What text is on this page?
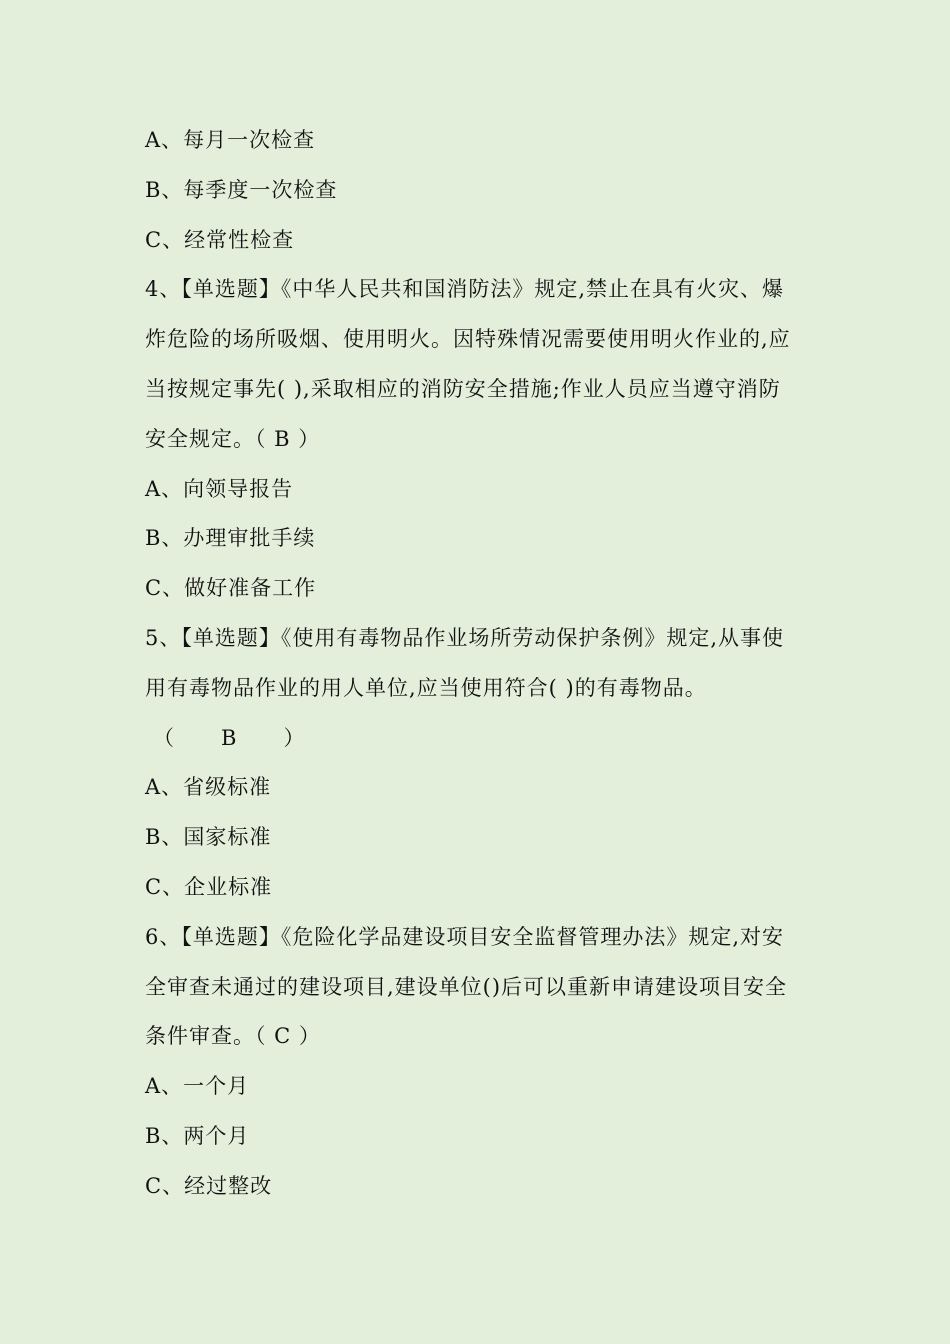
A、每月一次检查
B、每季度一次检查
C、经常性检查
4、【单选题】《中华人民共和国消防法》规定,禁止在具有火灾、爆
炸危险的场所吸烟、使用明火。因特殊情况需要使用明火作业的,应
当按规定事先( ),采取相应的消防安全措施;作业人员应当遵守消防
安全规定。（ B ）
A、向领导报告
B、办理审批手续
C、做好准备工作
5、【单选题】《使用有毒物品作业场所劳动保护条例》规定,从事使
用有毒物品作业的用人单位,应当使用符合( )的有毒物品。
（      B      ）
A、省级标准
B、国家标准
C、企业标准
6、【单选题】《危险化学品建设项目安全监督管理办法》规定,对安
全审查未通过的建设项目,建设单位()后可以重新申请建设项目安全
条件审查。（ C ）
A、一个月
B、两个月
C、经过整改
